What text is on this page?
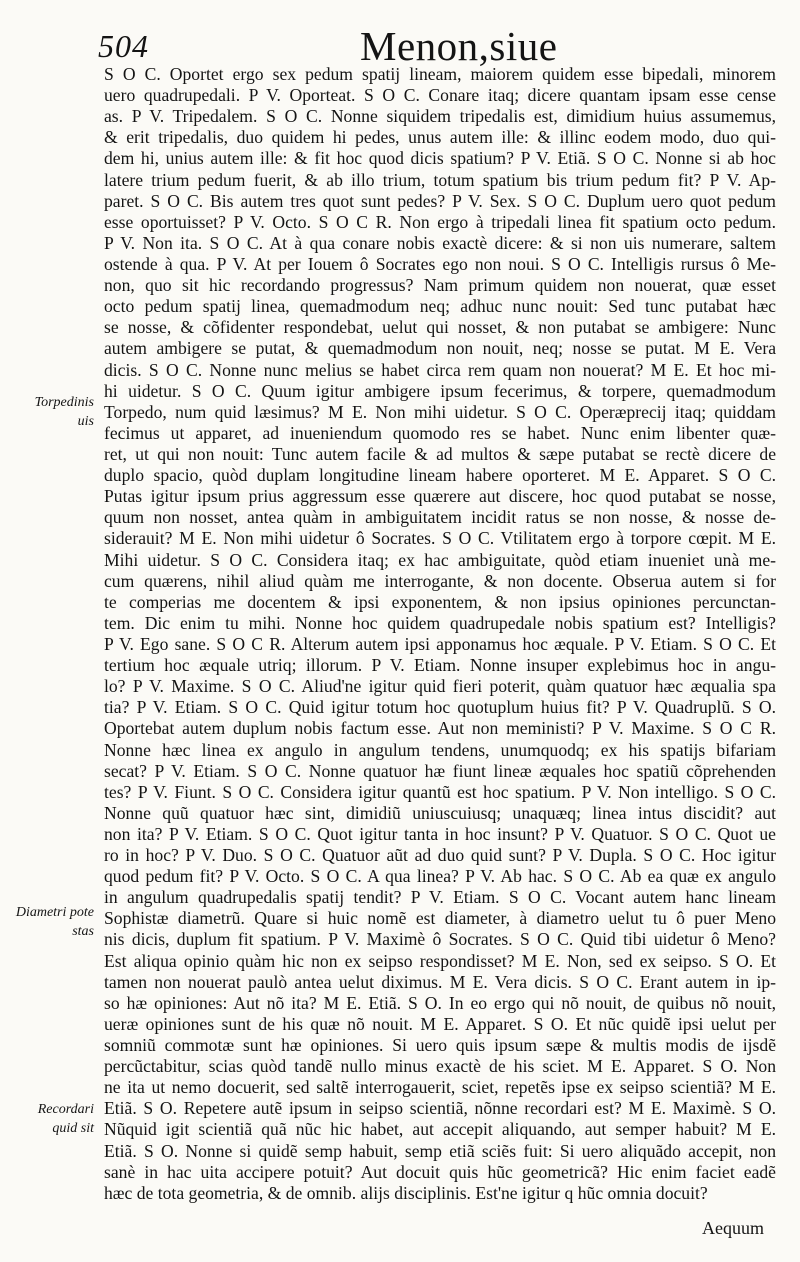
504	Menon,siue
Torpedinis
uis
Diametri pote
stas
Recordari
quid sit
S O C. Oportet ergo sex pedum spatij lineam, maiorem quidem esse bipedali, minorem
uero quadrupedali. P V. Oporteat. S O C. Conare itaq; dicere quantam ipsam esse cense
as. P V. Tripedalem. S O C. Nonne siquidem tripedalis est, dimidium huius assumemus,
& erit tripedalis, duo quidem hi pedes, unus autem ille: & illinc eodem modo, duo qui-
dem hi, unius autem ille: & fit hoc quod dicis spatium? P V. Etiã. S O C. Nonne si ab hoc
latere trium pedum fuerit, & ab illo trium, totum spatium bis trium pedum fit? P V. Ap-
paret. S O C. Bis autem tres quot sunt pedes? P V. Sex. S O C. Duplum uero quot pedum
esse oportuisset? P V. Octo. S O C R. Non ergo à tripedali linea fit spatium octo pedum.
P V. Non ita. S O C. At à qua conare nobis exactè dicere: & si non uis numerare, saltem
ostende à qua. P V. At per Iouem ô Socrates ego non noui. S O C. Intelligis rursus ô Me-
non, quo sit hic recordando progressus? Nam primum quidem non nouerat, quæ esset
octo pedum spatij linea, quemadmodum neq; adhuc nunc nouit: Sed tunc putabat hæc
se nosse, & cõfidenter respondebat, uelut qui nosset, & non putabat se ambigere: Nunc
autem ambigere se putat, & quemadmodum non nouit, neq; nosse se putat. M E. Vera
dicis. S O C. Nonne nunc melius se habet circa rem quam non nouerat? M E. Et hoc mi-
hi uidetur. S O C. Quum igitur ambigere ipsum fecerimus, & torpere, quemadmodum
Torpedo, num quid læsimus? M E. Non mihi uidetur. S O C. Operæprecij itaq; quiddam
fecimus ut apparet, ad inueniendum quomodo res se habet. Nunc enim libenter quæ-
ret, ut qui non nouit: Tunc autem facile & ad multos & sæpe putabat se rectè dicere de
duplo spacio, quòd duplam longitudine lineam habere oporteret. M E. Apparet. S O C.
Putas igitur ipsum prius aggressum esse quærere aut discere, hoc quod putabat se nosse,
quum non nosset, antea quàm in ambiguitatem incidit ratus se non nosse, & nosse de-
siderauit? M E. Non mihi uidetur ô Socrates. S O C. Vtilitatem ergo à torpore cœpit. M E.
Mihi uidetur. S O C. Considera itaq; ex hac ambiguitate, quòd etiam inueniet unà me-
cum quærens, nihil aliud quàm me interrogante, & non docente. Obserua autem si for
te comperias me docentem & ipsi exponentem, & non ipsius opiniones percunctan-
tem. Dic enim tu mihi. Nonne hoc quidem quadrupedale nobis spatium est? Intelligis?
P V. Ego sane. S O C R. Alterum autem ipsi apponamus hoc æquale. P V. Etiam. S O C. Et
tertium hoc æquale utriq; illorum. P V. Etiam. Nonne insuper explebimus hoc in angu-
lo? P V. Maxime. S O C. Aliud'ne igitur quid fieri poterit, quàm quatuor hæc æqualia spa
tia? P V. Etiam. S O C. Quid igitur totum hoc quotuplum huius fit? P V. Quadruplũ. S O.
Oportebat autem duplum nobis factum esse. Aut non meministi? P V. Maxime. S O C R.
Nonne hæc linea ex angulo in angulum tendens, unumquodq; ex his spatijs bifariam
secat? P V. Etiam. S O C. Nonne quatuor hæ fiunt lineæ æquales hoc spatiũ cõprehenden
tes? P V. Fiunt. S O C. Considera igitur quantũ est hoc spatium. P V. Non intelligo. S O C.
Nonne quũ quatuor hæc sint, dimidiũ uniuscuiusq; unaquæq; linea intus discidit? aut
non ita? P V. Etiam. S O C. Quot igitur tanta in hoc insunt? P V. Quatuor. S O C. Quot ue
ro in hoc? P V. Duo. S O C. Quatuor aũt ad duo quid sunt? P V. Dupla. S O C. Hoc igitur
quod pedum fit? P V. Octo. S O C. A qua linea? P V. Ab hac. S O C. Ab ea quæ ex angulo
in angulum quadrupedalis spatij tendit? P V. Etiam. S O C. Vocant autem hanc lineam
Sophistæ diametrũ. Quare si huic nomẽ est diameter, à diametro uelut tu ô puer Meno
nis dicis, duplum fit spatium. P V. Maximè ô Socrates. S O C. Quid tibi uidetur ô Meno?
Est aliqua opinio quàm hic non ex seipso respondisset? M E. Non, sed ex seipso. S O. Et
tamen non nouerat paulò antea uelut diximus. M E. Vera dicis. S O C. Erant autem in ip-
so hæ opiniones: Aut nõ ita? M E. Etiã. S O. In eo ergo qui nõ nouit, de quibus nõ nouit,
ueræ opiniones sunt de his quæ nõ nouit. M E. Apparet. S O. Et nũc quidẽ ipsi uelut per
somniũ commotæ sunt hæ opiniones. Si uero quis ipsum sæpe & multis modis de ijsdẽ
percũctabitur, scias quòd tandẽ nullo minus exactè de his sciet. M E. Apparet. S O. Non
ne ita ut nemo docuerit, sed saltẽ interrogauerit, sciet, repetẽs ipse ex seipso scientiã? M E.
Etiã. S O. Repetere autẽ ipsum in seipso scientiã, nõnne recordari est? M E. Maximè. S O.
Nũquid igit scientiã quã nũc hic habet, aut accepit aliquando, aut semper habuit? M E.
Etiã. S O. Nonne si quidẽ semp habuit, semp etiã sciẽs fuit: Si uero aliquãdo accepit, non
sanè in hac uita accipere potuit? Aut docuit quis hũc geometricã? Hic enim faciet eadẽ
hæc de tota geometria, & de omnib. alijs disciplinis. Est'ne igitur q hũc omnia docuit?
Aequum
